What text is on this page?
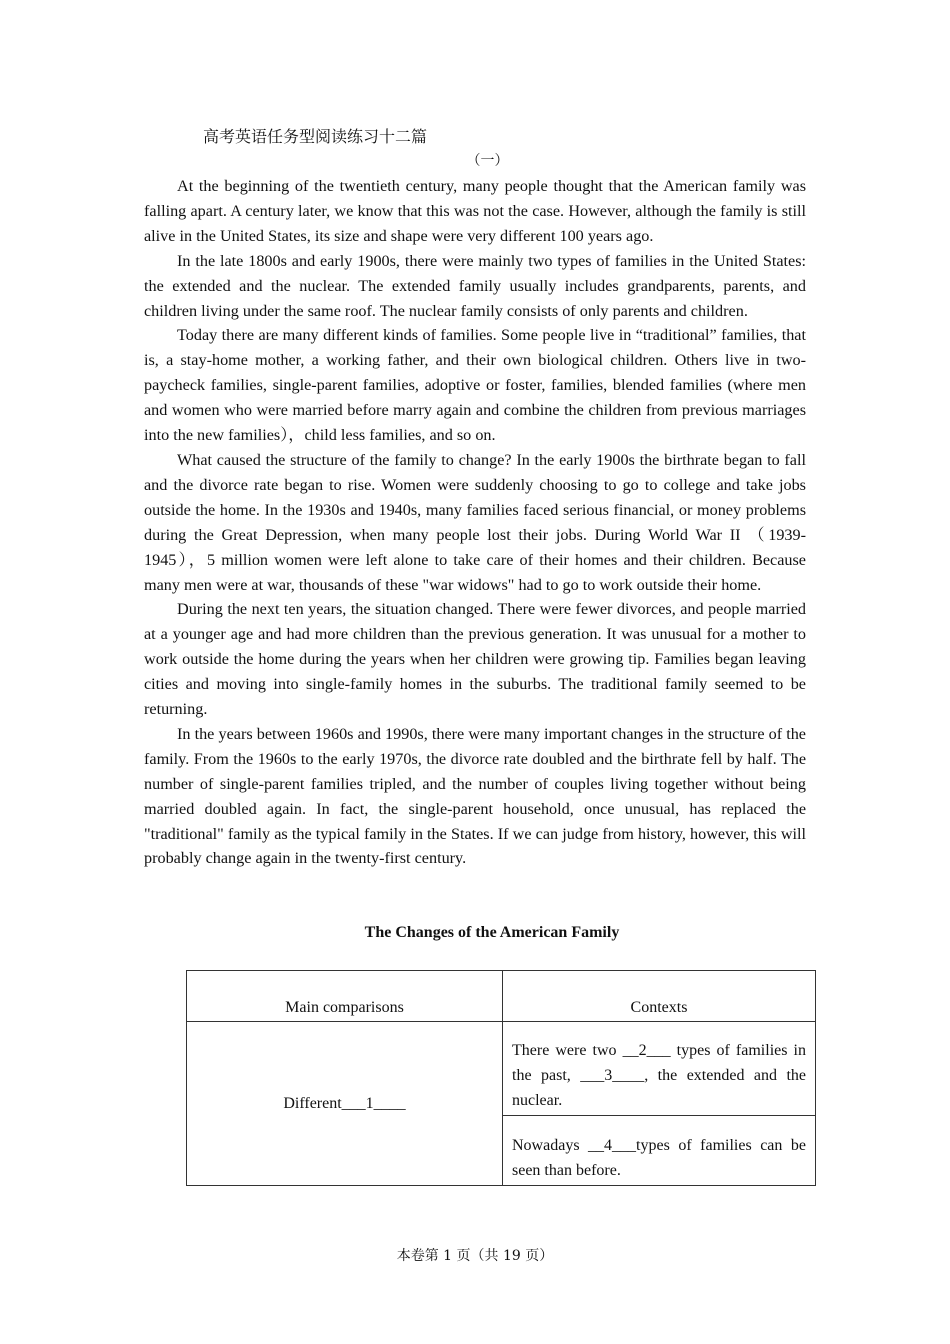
高考英语任务型阅读练习十二篇
（一）

At the beginning of the twentieth century, many people thought that the American family was falling apart. A century later, we know that this was not the case. However, although the family is still alive in the United States, its size and shape were very different 100 years ago.

In the late 1800s and early 1900s, there were mainly two types of families in the United States: the extended and the nuclear. The extended family usually includes grandparents, parents, and children living under the same roof. The nuclear family consists of only parents and children.

Today there are many different kinds of families. Some people live in “traditional” families, that is, a stay-home mother, a working father, and their own biological children. Others live in two-paycheck families, single-parent families, adoptive or foster, families, blended families (where men and women who were married before marry again and combine the children from previous marriages into the new families），child less families, and so on.

What caused the structure of the family to change? In the early 1900s the birthrate began to fall and the divorce rate began to rise. Women were suddenly choosing to go to college and take jobs outside the home. In the 1930s and 1940s, many families faced serious financial, or money problems during the Great Depression, when many people lost their jobs. During World War II （1939-1945），5 million women were left alone to take care of their homes and their children. Because many men were at war, thousands of these "war widows" had to go to work outside their home.

During the next ten years, the situation changed. There were fewer divorces, and people married at a younger age and had more children than the previous generation. It was unusual for a mother to work outside the home during the years when her children were growing tip. Families began leaving cities and moving into single-family homes in the suburbs. The traditional family seemed to be returning.

In the years between 1960s and 1990s, there were many important changes in the structure of the family. From the 1960s to the early 1970s, the divorce rate doubled and the birthrate fell by half. The number of single-parent families tripled, and the number of couples living together without being married doubled again. In fact, the single-parent household, once unusual, has replaced the "traditional" family as the typical family in the States. If we can judge from history, however, this will probably change again in the twenty-first century.

The Changes of the American Family
Main comparisons	Contexts
Different___1____	There were two __2___ types of families in the past, ___3____, the extended and the nuclear.
	Nowadays __4___types of families can be seen than before.
本卷第 1 页（共 19 页）
